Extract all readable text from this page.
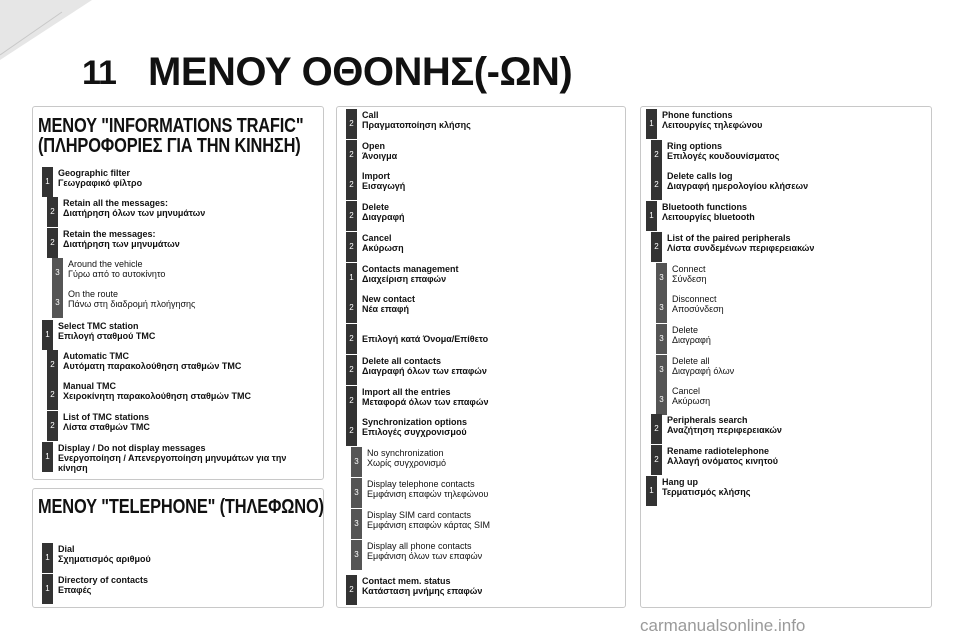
11 ΜΕΝΟΥ ΟΘΟΝΗΣ(-ΩΝ)
ΜΕΝΟΥ "INFORMATIONS TRAFIC"
(ΠΛΗΡΟΦΟΡΙΕΣ ΓΙΑ ΤΗΝ ΚΙΝΗΣΗ)
ΜΕΝΟΥ "TELEPHONE" (ΤΗΛΕΦΩΝΟ)
1
Geographic filter
Γεωγραφικό φίλτρο
2
Retain all the messages:
Διατήρηση όλων των μηνυμάτων
2
Retain the messages:
Διατήρηση των μηνυμάτων
3
Around the vehicle
Γύρω από το αυτοκίνητο
3
On the route
Πάνω στη διαδρομή πλοήγησης
1
Select TMC station
Επιλογή σταθμού TMC
2
Automatic TMC
Αυτόματη παρακολούθηση σταθμών TMC
2
Manual TMC
Χειροκίνητη παρακολούθηση σταθμών TMC
2
List of TMC stations
Λίστα σταθμών TMC
1
Display / Do not display messages
Ενεργοποίηση / Απενεργοποίηση μηνυμάτων για την
κίνηση
1
Dial
Σχηματισμός αριθμού
1
Directory of contacts
Επαφές
2
Call
Πραγματοποίηση κλήσης
2
Open
Άνοιγμα
2
Import
Εισαγωγή
2
Delete
Διαγραφή
2
Cancel
Ακύρωση
1
Contacts management
Διαχείριση επαφών
2
New contact
Νέα επαφή
2 Επιλογή κατά Όνομα/Επίθετο
2
Delete all contacts
Διαγραφή όλων των επαφών
2
Import all the entries
Μεταφορά όλων των επαφών
2
Synchronization options
Επιλογές συγχρονισμού
3
No synchronization
Χωρίς συγχρονισμό
3
Display telephone contacts
Εμφάνιση επαφών τηλεφώνου
3
Display SIM card contacts
Εμφάνιση επαφών κάρτας SIM
3
Display all phone contacts
Εμφάνιση όλων των επαφών
2
Contact mem. status
Κατάσταση μνήμης επαφών
1
Phone functions
Λειτουργίες τηλεφώνου
2
Ring options
Επιλογές κουδουνίσματος
2
Delete calls log
Διαγραφή ημερολογίου κλήσεων
1
Bluetooth functions
Λειτουργίες bluetooth
2
List of the paired peripherals
Λίστα συνδεμένων περιφερειακών
3
Connect
Σύνδεση
3
Disconnect
Αποσύνδεση
3
Delete
Διαγραφή
3
Delete all
Διαγραφή όλων
3
Cancel
Ακύρωση
2
Peripherals search
Αναζήτηση περιφερειακών
2
Rename radiotelephone
Αλλαγή ονόματος κινητού
1
Hang up
Τερματισμός κλήσης
carmanualsonline.info
